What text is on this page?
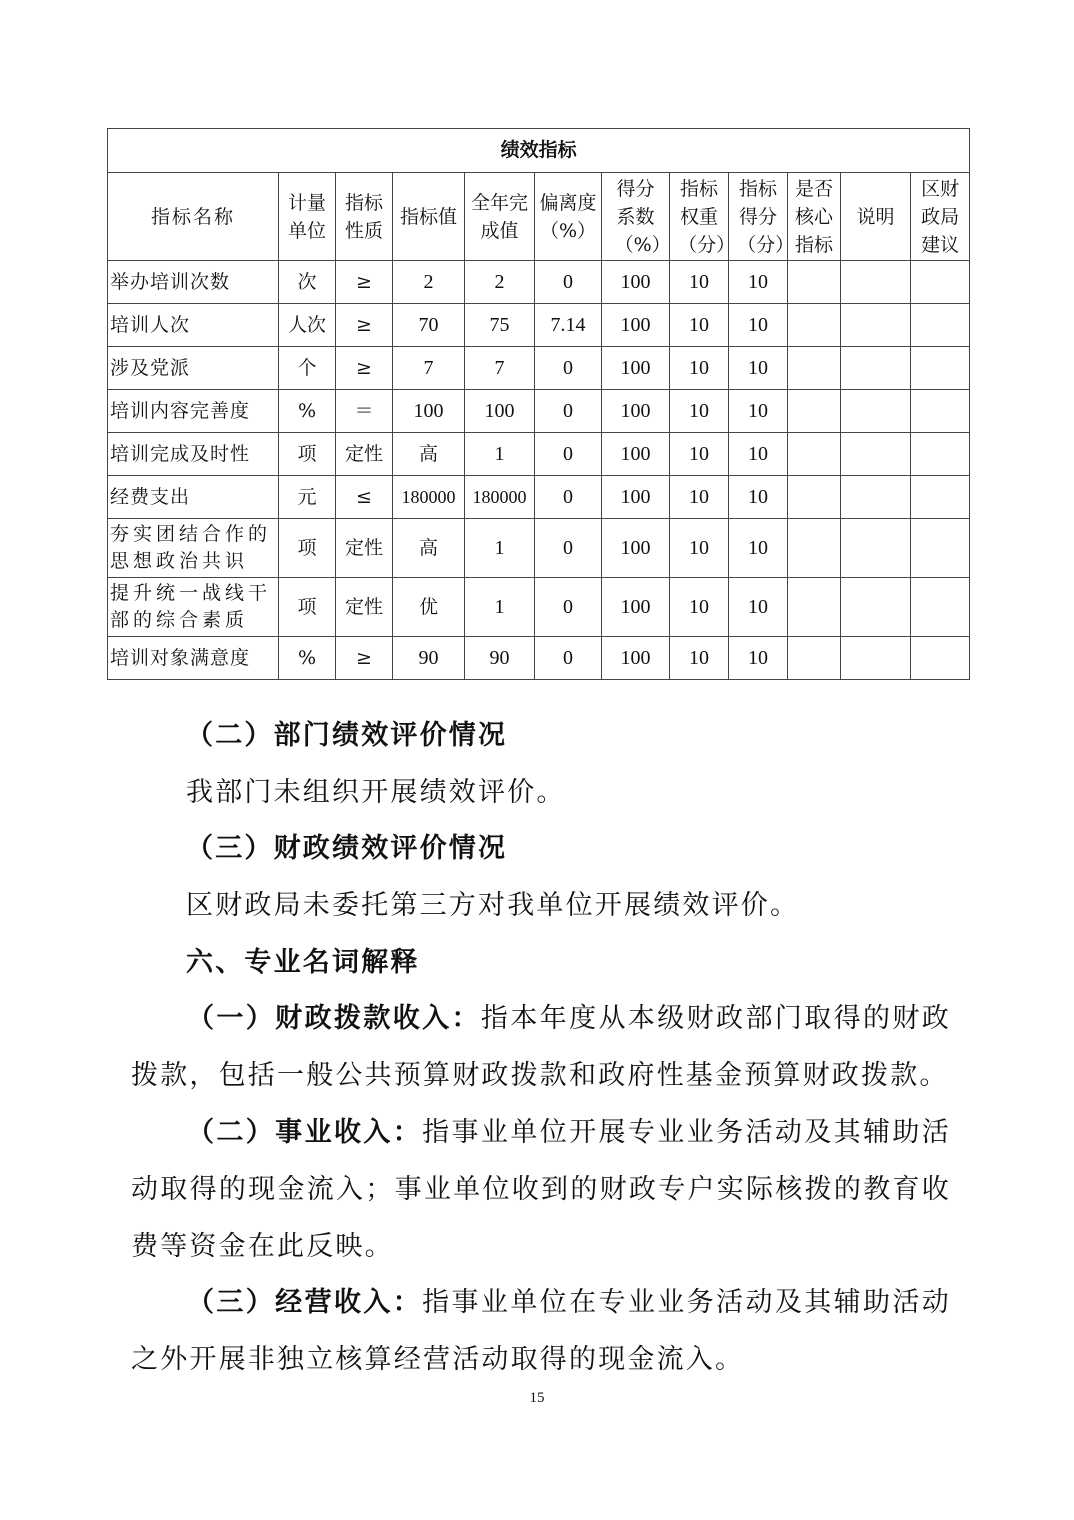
绩效指标											
指标名称	计量单位	指标性质	指标值	全年完成值	偏离度（%）	得分系数（%）	指标权重（分）	指标得分（分）	是否核心指标	说明	区财政局建议
举办培训次数	次	≥	2	2	0	100	10	10			
培训人次	人次	≥	70	75	7.14	100	10	10			
涉及党派	个	≥	7	7	0	100	10	10			
培训内容完善度	%	＝	100	100	0	100	10	10			
培训完成及时性	项	定性	高	1	0	100	10	10			
经费支出	元	≤	180000	180000	0	100	10	10			
夯实团结合作的思想政治共识	项	定性	高	1	0	100	10	10			
提升统一战线干部的综合素质	项	定性	优	1	0	100	10	10			
培训对象满意度	%	≥	90	90	0	100	10	10			

（二）部门绩效评价情况

我部门未组织开展绩效评价。

（三）财政绩效评价情况

区财政局未委托第三方对我单位开展绩效评价。

六、专业名词解释

（一）财政拨款收入：指本年度从本级财政部门取得的财政拨款，包括一般公共预算财政拨款和政府性基金预算财政拨款。

（二）事业收入：指事业单位开展专业业务活动及其辅助活动取得的现金流入；事业单位收到的财政专户实际核拨的教育收费等资金在此反映。

（三）经营收入：指事业单位在专业业务活动及其辅助活动之外开展非独立核算经营活动取得的现金流入。

15
